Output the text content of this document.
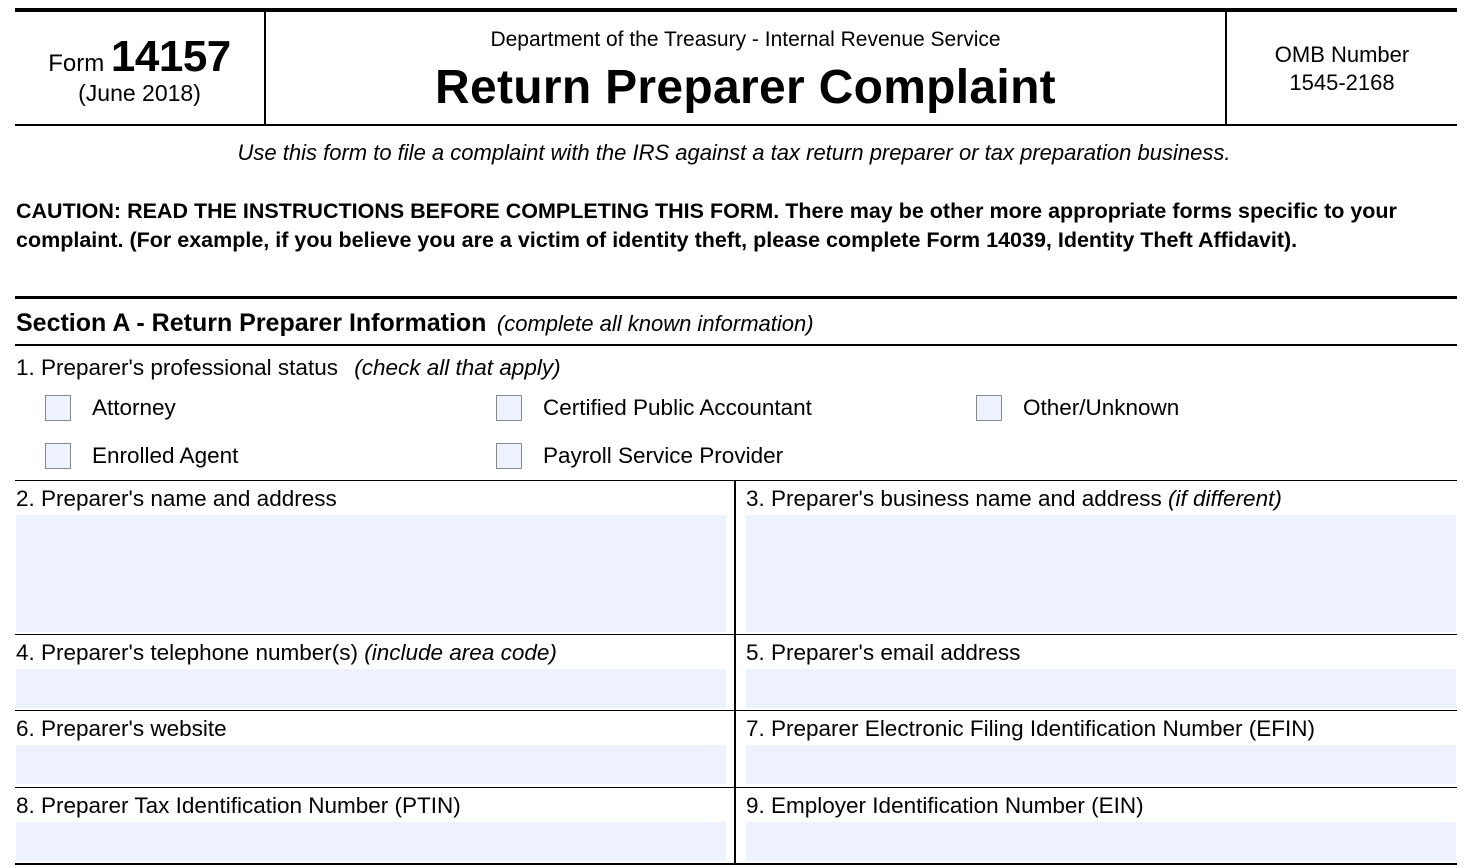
Form 14157
(June 2018)
Department of the Treasury - Internal Revenue Service
Return Preparer Complaint
OMB Number
1545-2168
Use this form to file a complaint with the IRS against a tax return preparer or tax preparation business.
CAUTION: READ THE INSTRUCTIONS BEFORE COMPLETING THIS FORM. There may be other more appropriate forms specific to your complaint. (For example, if you believe you are a victim of identity theft, please complete Form 14039, Identity Theft Affidavit).
Section A - Return Preparer Information (complete all known information)
1. Preparer's professional status (check all that apply)
Attorney	Certified Public Accountant	Other/Unknown
Enrolled Agent	Payroll Service Provider
2. Preparer's name and address	3. Preparer's business name and address (if different)
4. Preparer's telephone number(s) (include area code)	5. Preparer's email address
6. Preparer's website	7. Preparer Electronic Filing Identification Number (EFIN)
8. Preparer Tax Identification Number (PTIN)	9. Employer Identification Number (EIN)
